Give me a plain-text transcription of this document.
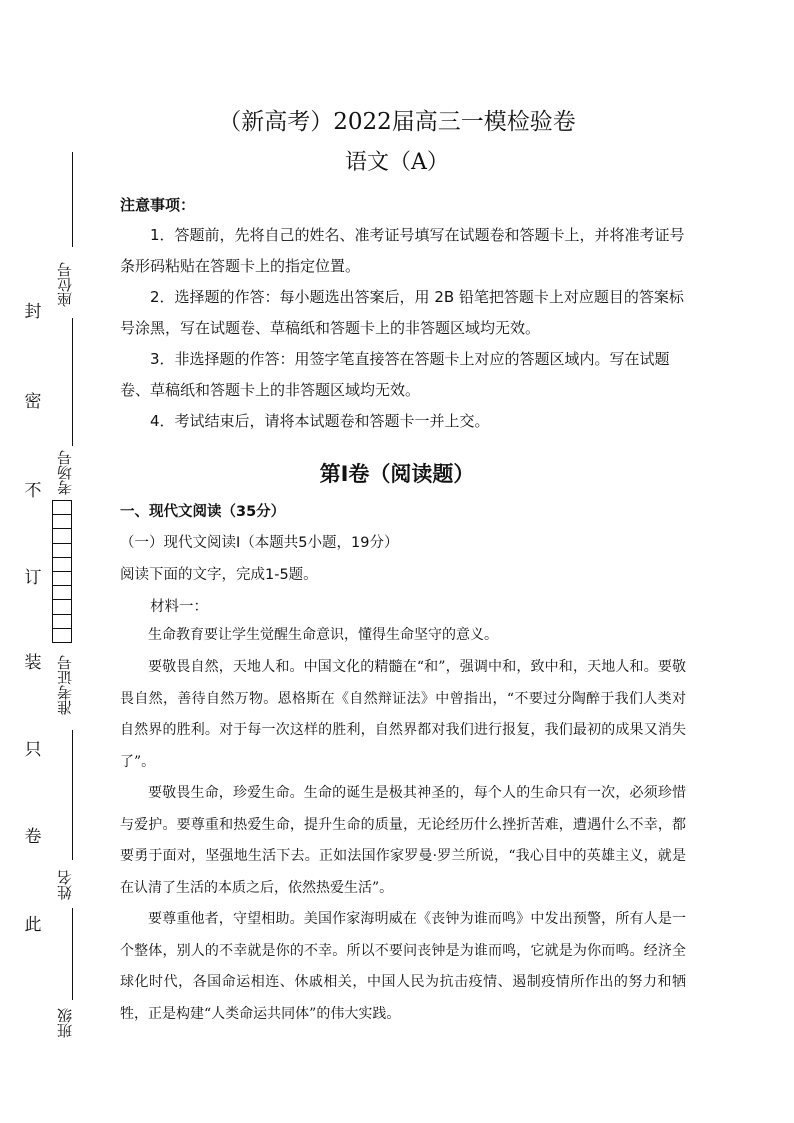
座位号
考场号
准考证号
姓名
班级
封
密
不
订
装
只
卷
此
（新高考）2022届高三一模检验卷
语文（A）
注意事项：
1．答题前，先将自己的姓名、准考证号填写在试题卷和答题卡上，并将准考证号条形码粘贴在答题卡上的指定位置。
2．选择题的作答：每小题选出答案后，用 2B 铅笔把答题卡上对应题目的答案标号涂黑，写在试题卷、草稿纸和答题卡上的非答题区域均无效。
3．非选择题的作答：用签字笔直接答在答题卡上对应的答题区域内。写在试题卷、草稿纸和答题卡上的非答题区域均无效。
4．考试结束后，请将本试题卷和答题卡一并上交。
第Ⅰ卷（阅读题）
一、现代文阅读（35分）
（一）现代文阅读Ⅰ（本题共5小题，19分）
阅读下面的文字，完成1-5题。
材料一：
生命教育要让学生觉醒生命意识，懂得生命坚守的意义。
要敬畏自然，天地人和。中国文化的精髓在“和”，强调中和，致中和，天地人和。要敬畏自然，善待自然万物。恩格斯在《自然辩证法》中曾指出，“不要过分陶醉于我们人类对自然界的胜利。对于每一次这样的胜利，自然界都对我们进行报复，我们最初的成果又消失了”。
要敬畏生命，珍爱生命。生命的诞生是极其神圣的，每个人的生命只有一次，必须珍惜与爱护。要尊重和热爱生命，提升生命的质量，无论经历什么挫折苦难，遭遇什么不幸，都要勇于面对，坚强地生活下去。正如法国作家罗曼·罗兰所说，“我心目中的英雄主义，就是在认清了生活的本质之后，依然热爱生活”。
要尊重他者，守望相助。美国作家海明威在《丧钟为谁而鸣》中发出预警，所有人是一个整体，别人的不幸就是你的不幸。所以不要问丧钟是为谁而鸣，它就是为你而鸣。经济全球化时代，各国命运相连、休戚相关，中国人民为抗击疫情、遏制疫情所作出的努力和牺牲，正是构建“人类命运共同体”的伟大实践。
